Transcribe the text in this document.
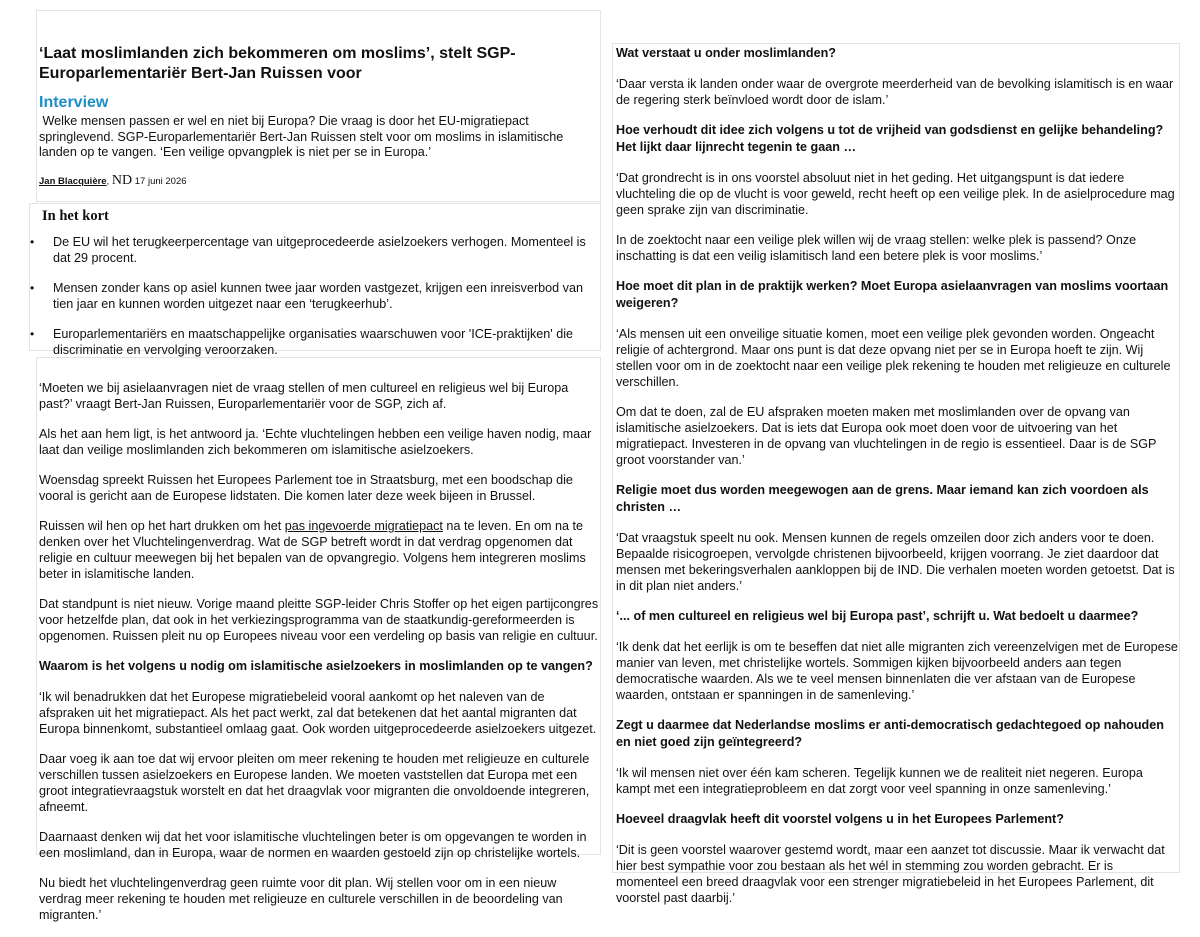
‘Laat moslimlanden zich bekommeren om moslims’, stelt SGP-Europarlementariër Bert-Jan Ruissen voor
Interview

Welke mensen passen er wel en niet bij Europa? Die vraag is door het EU-migratiepact springlevend. SGP-Europarlementariër Bert-Jan Ruissen stelt voor om moslims in islamitische landen op te vangen. ‘Een veilige opvangplek is niet per se in Europa.’

Jan Blacquière, ND 17 juni 2026
In het kort
• De EU wil het terugkeerpercentage van uitgeprocedeerde asielzoekers verhogen. Momenteel is dat 29 procent.
• Mensen zonder kans op asiel kunnen twee jaar worden vastgezet, krijgen een inreisverbod van tien jaar en kunnen worden uitgezet naar een ‘terugkeerhub’.
• Europarlementariërs en maatschappelijke organisaties waarschuwen voor 'ICE-praktijken' die discriminatie en vervolging veroorzaken.

‘Moeten we bij asielaanvragen niet de vraag stellen of men cultureel en religieus wel bij Europa past?’ vraagt Bert-Jan Ruissen, Europarlementariër voor de SGP, zich af.

Als het aan hem ligt, is het antwoord ja. ‘Echte vluchtelingen hebben een veilige haven nodig, maar laat dan veilige moslimlanden zich bekommeren om islamitische asielzoekers.

Woensdag spreekt Ruissen het Europees Parlement toe in Straatsburg, met een boodschap die vooral is gericht aan de Europese lidstaten. Die komen later deze week bijeen in Brussel.

Ruissen wil hen op het hart drukken om het pas ingevoerde migratiepact na te leven. En om na te denken over het Vluchtelingenverdrag. Wat de SGP betreft wordt in dat verdrag opgenomen dat religie en cultuur meewegen bij het bepalen van de opvangregio. Volgens hem integreren moslims beter in islamitische landen.

Dat standpunt is niet nieuw. Vorige maand pleitte SGP-leider Chris Stoffer op het eigen partijcongres voor hetzelfde plan, dat ook in het verkiezingsprogramma van de staatkundig-gereformeerden is opgenomen. Ruissen pleit nu op Europees niveau voor een verdeling op basis van religie en cultuur.

Waarom is het volgens u nodig om islamitische asielzoekers in moslimlanden op te vangen?

‘Ik wil benadrukken dat het Europese migratiebeleid vooral aankomt op het naleven van de afspraken uit het migratiepact. Als het pact werkt, zal dat betekenen dat het aantal migranten dat Europa binnenkomt, substantieel omlaag gaat. Ook worden uitgeprocedeerde asielzoekers uitgezet.

Daar voeg ik aan toe dat wij ervoor pleiten om meer rekening te houden met religieuze en culturele verschillen tussen asielzoekers en Europese landen. We moeten vaststellen dat Europa met een groot integratievraagstuk worstelt en dat het draagvlak voor migranten die onvoldoende integreren, afneemt.

Daarnaast denken wij dat het voor islamitische vluchtelingen beter is om opgevangen te worden in een moslimland, dan in Europa, waar de normen en waarden gestoeld zijn op christelijke wortels.

Nu biedt het vluchtelingenverdrag geen ruimte voor dit plan. Wij stellen voor om in een nieuw verdrag meer rekening te houden met religieuze en culturele verschillen in de beoordeling van migranten.’

Wat verstaat u onder moslimlanden?

‘Daar versta ik landen onder waar de overgrote meerderheid van de bevolking islamitisch is en waar de regering sterk beïnvloed wordt door de islam.’

Hoe verhoudt dit idee zich volgens u tot de vrijheid van godsdienst en gelijke behandeling? Het lijkt daar lijnrecht tegenin te gaan …

‘Dat grondrecht is in ons voorstel absoluut niet in het geding. Het uitgangspunt is dat iedere vluchteling die op de vlucht is voor geweld, recht heeft op een veilige plek. In de asielprocedure mag geen sprake zijn van discriminatie.

In de zoektocht naar een veilige plek willen wij de vraag stellen: welke plek is passend? Onze inschatting is dat een veilig islamitisch land een betere plek is voor moslims.’

Hoe moet dit plan in de praktijk werken? Moet Europa asielaanvragen van moslims voortaan weigeren?

‘Als mensen uit een onveilige situatie komen, moet een veilige plek gevonden worden. Ongeacht religie of achtergrond. Maar ons punt is dat deze opvang niet per se in Europa hoeft te zijn. Wij stellen voor om in de zoektocht naar een veilige plek rekening te houden met religieuze en culturele verschillen.

Om dat te doen, zal de EU afspraken moeten maken met moslimlanden over de opvang van islamitische asielzoekers. Dat is iets dat Europa ook moet doen voor de uitvoering van het migratiepact. Investeren in de opvang van vluchtelingen in de regio is essentieel. Daar is de SGP groot voorstander van.’

Religie moet dus worden meegewogen aan de grens. Maar iemand kan zich voordoen als christen …

‘Dat vraagstuk speelt nu ook. Mensen kunnen de regels omzeilen door zich anders voor te doen. Bepaalde risicogroepen, vervolgde christenen bijvoorbeeld, krijgen voorrang. Je ziet daardoor dat mensen met bekeringsverhalen aankloppen bij de IND. Die verhalen moeten worden getoetst. Dat is in dit plan niet anders.’

‘... of men cultureel en religieus wel bij Europa past’, schrijft u. Wat bedoelt u daarmee?

‘Ik denk dat het eerlijk is om te beseffen dat niet alle migranten zich vereenzelvigen met de Europese manier van leven, met christelijke wortels. Sommigen kijken bijvoorbeeld anders aan tegen democratische waarden. Als we te veel mensen binnenlaten die ver afstaan van de Europese waarden, ontstaan er spanningen in de samenleving.’

Zegt u daarmee dat Nederlandse moslims er anti-democratisch gedachtegoed op nahouden en niet goed zijn geïntegreerd?

‘Ik wil mensen niet over één kam scheren. Tegelijk kunnen we de realiteit niet negeren. Europa kampt met een integratieprobleem en dat zorgt voor veel spanning in onze samenleving.’

Hoeveel draagvlak heeft dit voorstel volgens u in het Europees Parlement?

‘Dit is geen voorstel waarover gestemd wordt, maar een aanzet tot discussie. Maar ik verwacht dat hier best sympathie voor zou bestaan als het wél in stemming zou worden gebracht. Er is momenteel een breed draagvlak voor een strenger migratiebeleid in het Europees Parlement, dit voorstel past daarbij.’
